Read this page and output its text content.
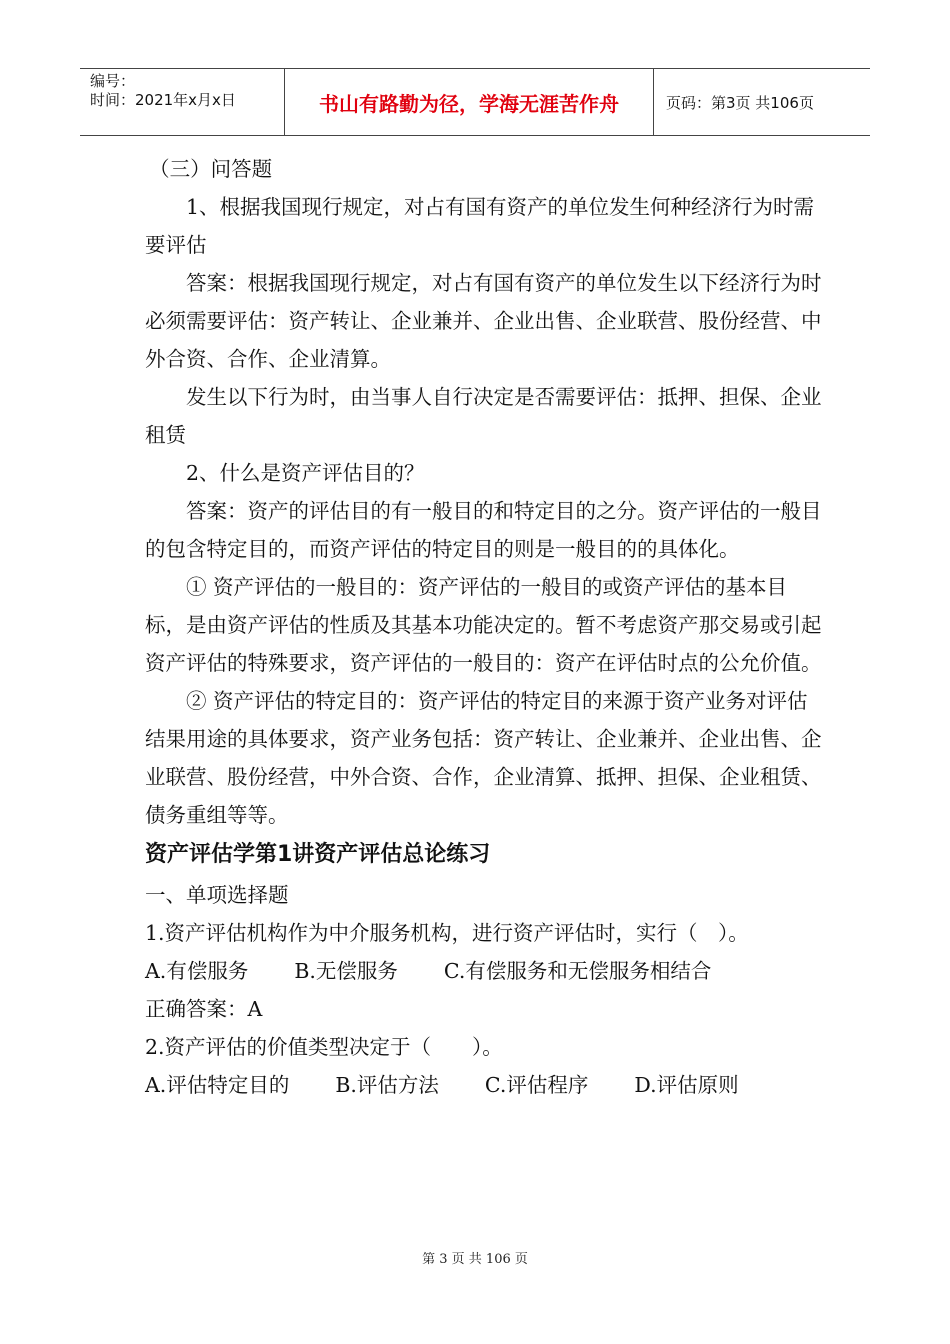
编号：
时间：2021年x月x日	书山有路勤为径，学海无涯苦作舟	页码：第3页 共106页

（三）问答题

1、根据我国现行规定，对占有国有资产的单位发生何种经济行为时需要评估

答案：根据我国现行规定，对占有国有资产的单位发生以下经济行为时必须需要评估：资产转让、企业兼并、企业出售、企业联营、股份经营、中外合资、合作、企业清算。

发生以下行为时，由当事人自行决定是否需要评估：抵押、担保、企业租赁

2、什么是资产评估目的？

答案：资产的评估目的有一般目的和特定目的之分。资产评估的一般目的包含特定目的，而资产评估的特定目的则是一般目的的具体化。

① 资产评估的一般目的：资产评估的一般目的或资产评估的基本目标，是由资产评估的性质及其基本功能决定的。暂不考虑资产那交易或引起资产评估的特殊要求，资产评估的一般目的：资产在评估时点的公允价值。

② 资产评估的特定目的：资产评估的特定目的来源于资产业务对评估结果用途的具体要求，资产业务包括：资产转让、企业兼并、企业出售、企业联营、股份经营，中外合资、合作，企业清算、抵押、担保、企业租赁、债务重组等等。

资产评估学第1讲资产评估总论练习

一、单项选择题

1.资产评估机构作为中介服务机构，进行资产评估时，实行（　）。

A.有偿服务 B.无偿服务 C.有偿服务和无偿服务相结合

正确答案：A

2.资产评估的价值类型决定于（　　）。

A.评估特定目的 B.评估方法 C.评估程序 D.评估原则
第 3 页 共 106 页
